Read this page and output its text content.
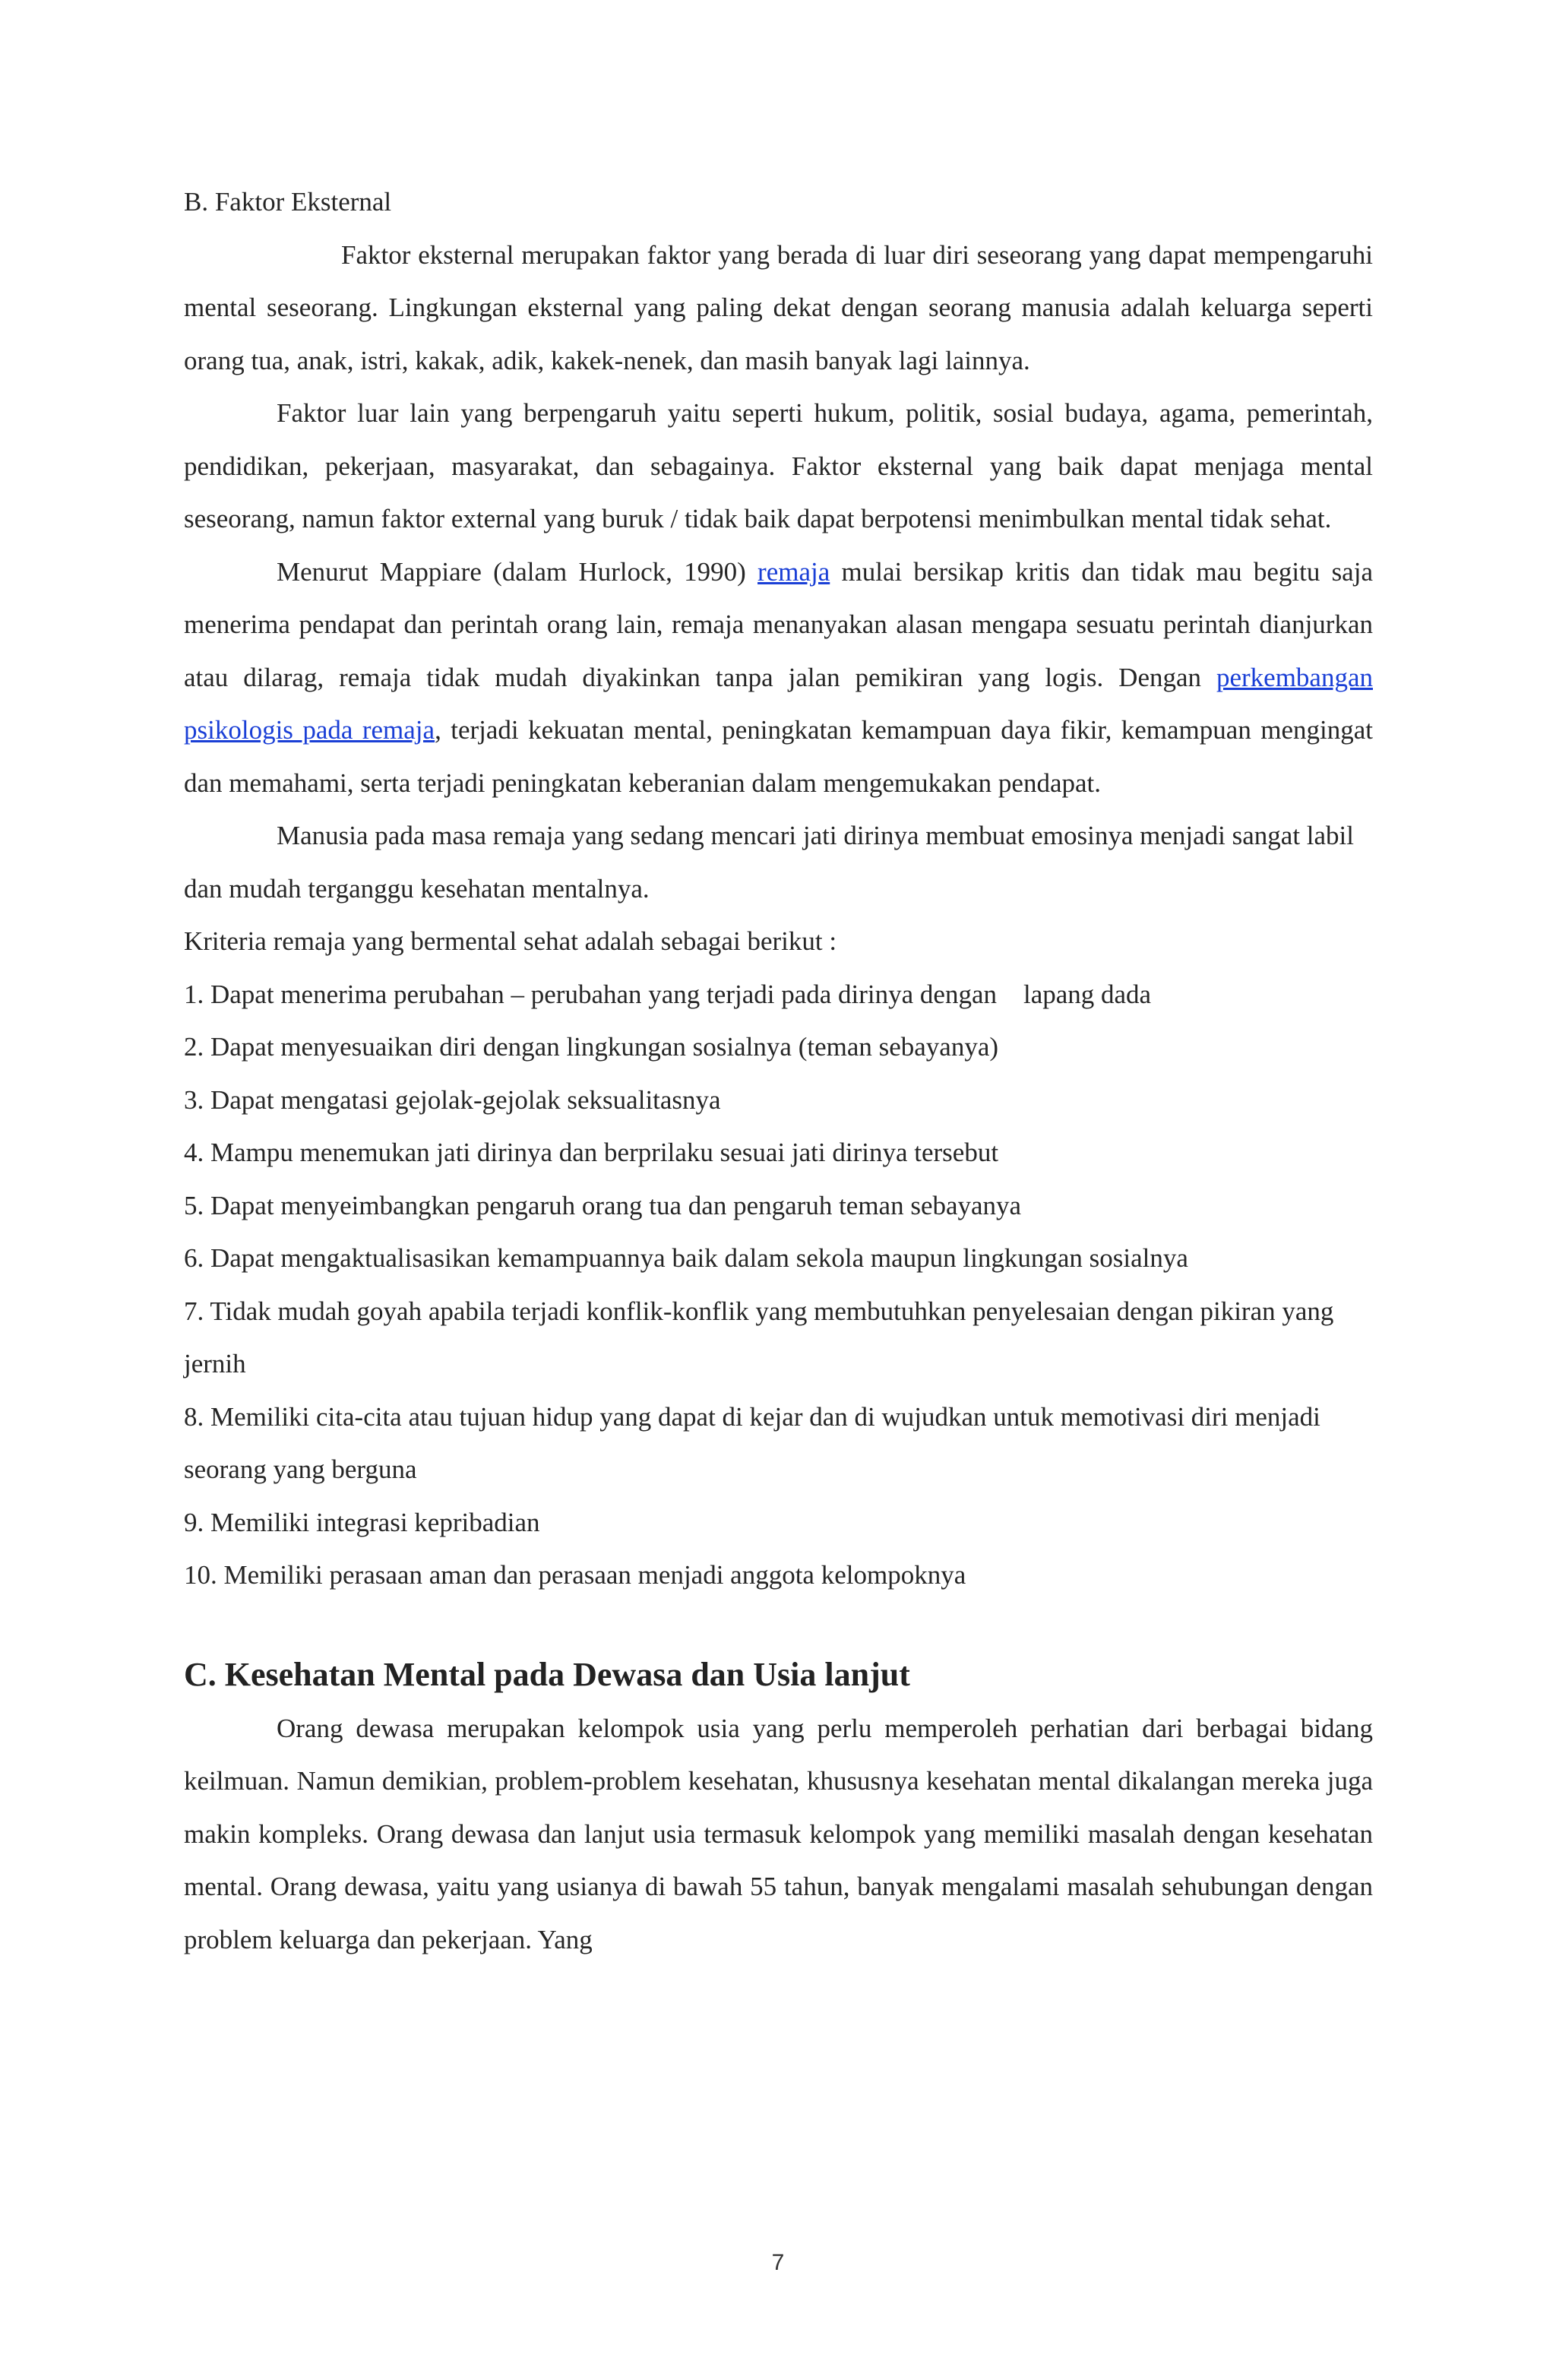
B. Faktor Eksternal

Faktor eksternal merupakan faktor yang berada di luar diri seseorang yang dapat mempengaruhi mental seseorang. Lingkungan eksternal yang paling dekat dengan seorang manusia adalah keluarga seperti orang tua, anak, istri, kakak, adik, kakek-nenek, dan masih banyak lagi lainnya.

Faktor luar lain yang berpengaruh yaitu seperti hukum, politik, sosial budaya, agama, pemerintah, pendidikan, pekerjaan, masyarakat, dan sebagainya. Faktor eksternal yang baik dapat menjaga mental seseorang, namun faktor external yang buruk / tidak baik dapat berpotensi menimbulkan mental tidak sehat.

Menurut Mappiare (dalam Hurlock, 1990) remaja mulai bersikap kritis dan tidak mau begitu saja menerima pendapat dan perintah orang lain, remaja menanyakan alasan mengapa sesuatu perintah dianjurkan atau dilarag, remaja tidak mudah diyakinkan tanpa jalan pemikiran yang logis. Dengan perkembangan psikologis pada remaja, terjadi kekuatan mental, peningkatan kemampuan daya fikir, kemampuan mengingat dan memahami, serta terjadi peningkatan keberanian dalam mengemukakan pendapat.

Manusia pada masa remaja yang sedang mencari jati dirinya membuat emosinya menjadi sangat labil dan mudah terganggu kesehatan mentalnya.

Kriteria remaja yang bermental sehat adalah sebagai berikut :

1. Dapat menerima perubahan – perubahan yang terjadi pada dirinya dengan    lapang dada
2. Dapat menyesuaikan diri dengan lingkungan sosialnya (teman sebayanya)
3. Dapat mengatasi gejolak-gejolak seksualitasnya
4. Mampu menemukan jati dirinya dan berprilaku sesuai jati dirinya tersebut
5. Dapat menyeimbangkan pengaruh orang tua dan pengaruh teman sebayanya
6. Dapat mengaktualisasikan kemampuannya baik dalam sekola maupun lingkungan sosialnya
7. Tidak mudah goyah apabila terjadi konflik-konflik yang membutuhkan penyelesaian dengan pikiran yang jernih
8. Memiliki cita-cita atau tujuan hidup yang dapat di kejar dan di wujudkan untuk memotivasi diri menjadi seorang yang berguna
9. Memiliki integrasi kepribadian
10. Memiliki perasaan aman dan perasaan menjadi anggota kelompoknya
C. Kesehatan Mental pada Dewasa dan Usia lanjut

Orang dewasa merupakan kelompok usia yang perlu memperoleh perhatian dari berbagai bidang keilmuan. Namun demikian, problem-problem kesehatan, khususnya kesehatan mental dikalangan mereka juga makin kompleks. Orang dewasa dan lanjut usia termasuk kelompok yang memiliki masalah dengan kesehatan mental. Orang dewasa, yaitu yang usianya di bawah 55 tahun, banyak mengalami masalah sehubungan dengan problem keluarga dan pekerjaan. Yang

7
